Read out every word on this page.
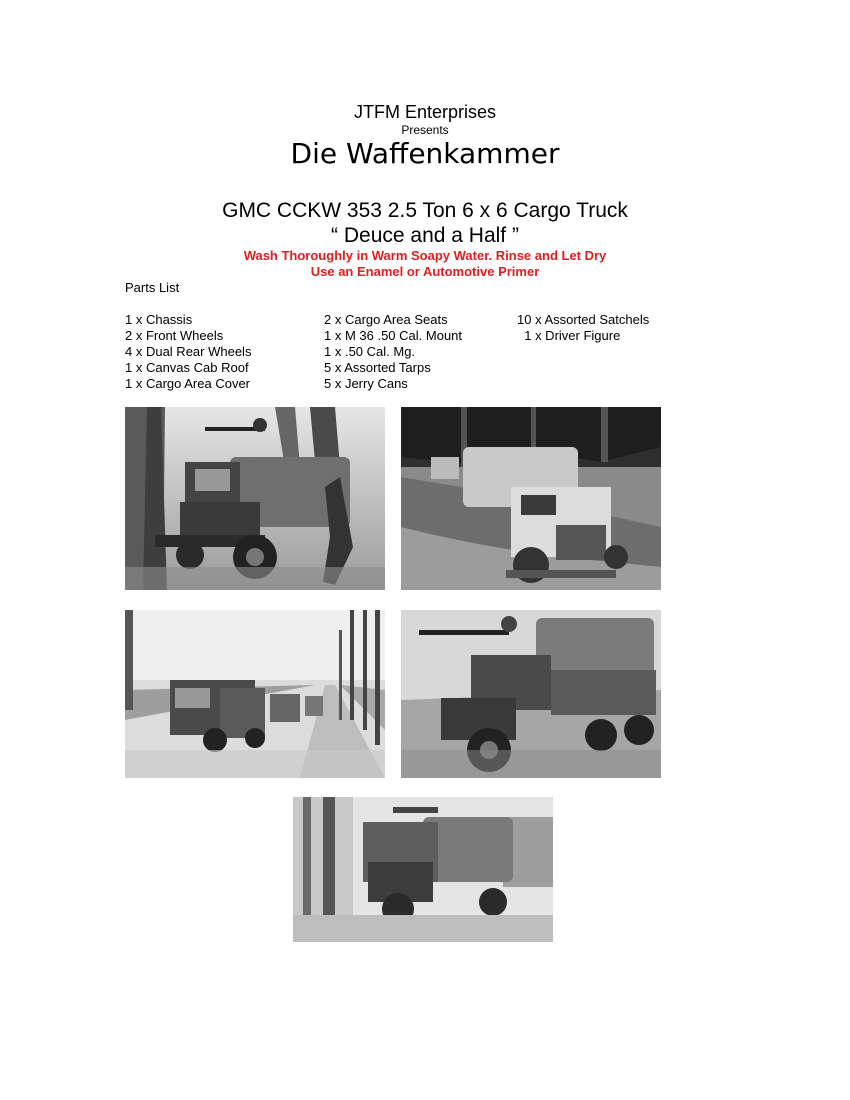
JTFM Enterprises
Presents
Die Waffenkammer
GMC CCKW 353 2.5 Ton 6 x 6 Cargo Truck
“ Deuce and a Half ”
Wash Thoroughly in Warm Soapy Water. Rinse and Let Dry
Use an Enamel or Automotive Primer
Parts List
1 x Chassis
2 x Front Wheels
4 x Dual Rear Wheels
1 x Canvas Cab Roof
1 x Cargo Area Cover
2 x Cargo Area Seats
1 x M 36 .50 Cal. Mount
1 x .50 Cal. Mg.
5 x Assorted Tarps
5 x Jerry Cans
10 x Assorted Satchels
1 x Driver Figure
